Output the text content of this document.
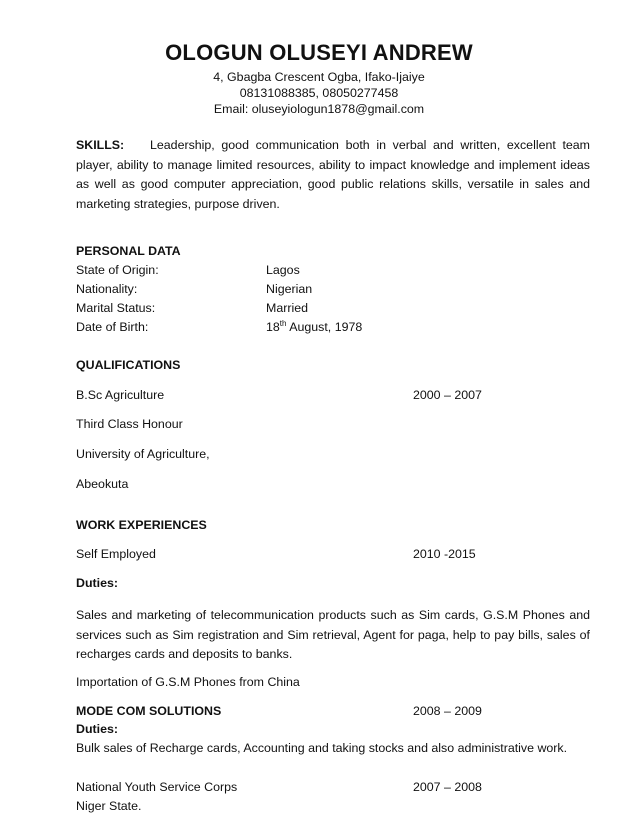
OLOGUN OLUSEYI ANDREW
4, Gbagba Crescent Ogba, Ifako-Ijaiye
08131088385, 08050277458
Email: oluseyiologun1878@gmail.com
SKILLS: Leadership, good communication both in verbal and written, excellent team player, ability to manage limited resources, ability to impact knowledge and implement ideas as well as good computer appreciation, good public relations skills, versatile in sales and marketing strategies, purpose driven.
PERSONAL DATA
State of Origin:	Lagos
Nationality:	Nigerian
Marital Status:	Married
Date of Birth:	18th August, 1978
QUALIFICATIONS
B.Sc Agriculture	2000 – 2007
Third Class Honour
University of Agriculture,
Abeokuta
WORK EXPERIENCES
Self Employed	2010 -2015
Duties:
Sales and marketing of telecommunication products such as Sim cards, G.S.M Phones and services such as Sim registration and Sim retrieval, Agent for paga, help to pay bills, sales of recharges cards and deposits to banks.
Importation of G.S.M Phones from China
MODE COM SOLUTIONS	2008 – 2009
Duties:
Bulk sales of Recharge cards, Accounting and taking stocks and also administrative work.
National Youth Service Corps	2007 – 2008
Niger State.
